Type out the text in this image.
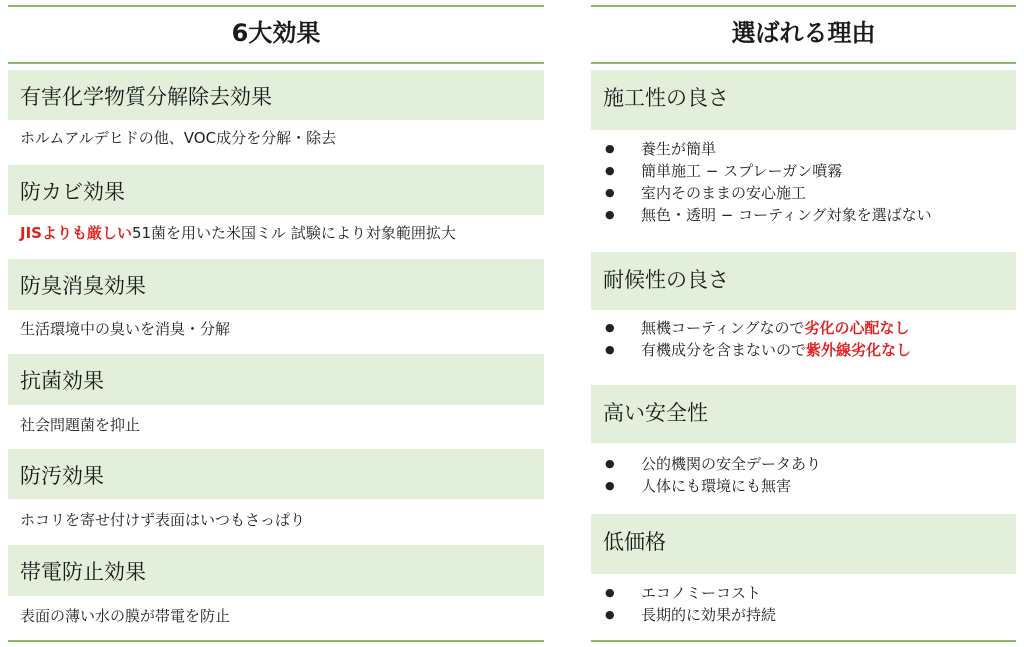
6大効果
有害化学物質分解除去効果
ホルムアルデヒドの他、VOC成分を分解・除去
防カビ効果
JISよりも厳しい51菌を用いた米国ミル 試験により対象範囲拡大
防臭消臭効果
生活環境中の臭いを消臭・分解
抗菌効果
社会問題菌を抑止
防汚効果
ホコリを寄せ付けず表面はいつもさっぱり
帯電防止効果
表面の薄い水の膜が帯電を防止
選ばれる理由
施工性の良さ
● 養生が簡単
● 簡単施工 − スプレーガン噴霧
● 室内そのままの安心施工
● 無色・透明 − コーティング対象を選ばない
耐候性の良さ
● 無機コーティングなので劣化の心配なし
● 有機成分を含まないので紫外線劣化なし
高い安全性
● 公的機関の安全データあり
● 人体にも環境にも無害
低価格
● エコノミーコスト
● 長期的に効果が持続
